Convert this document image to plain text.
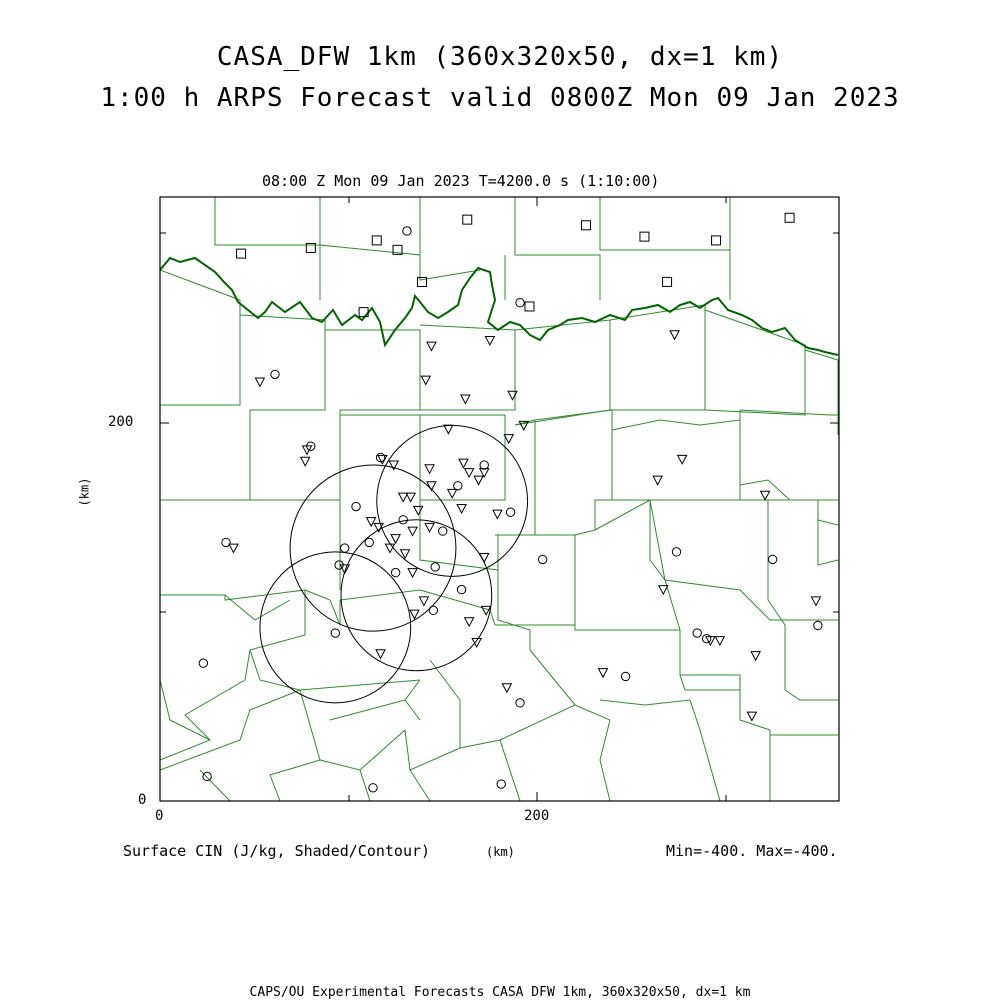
CASA_DFW 1km (360x320x50, dx=1 km)
1:00 h ARPS Forecast valid 0800Z Mon 09 Jan 2023
08:00 Z Mon 09 Jan 2023 T=4200.0 s (1:10:00)
200
0
0	200
(km)
Surface CIN (J/kg, Shaded/Contour)	(km)	Min=-400. Max=-400.
CAPS/OU Experimental Forecasts CASA DFW 1km, 360x320x50, dx=1 km
